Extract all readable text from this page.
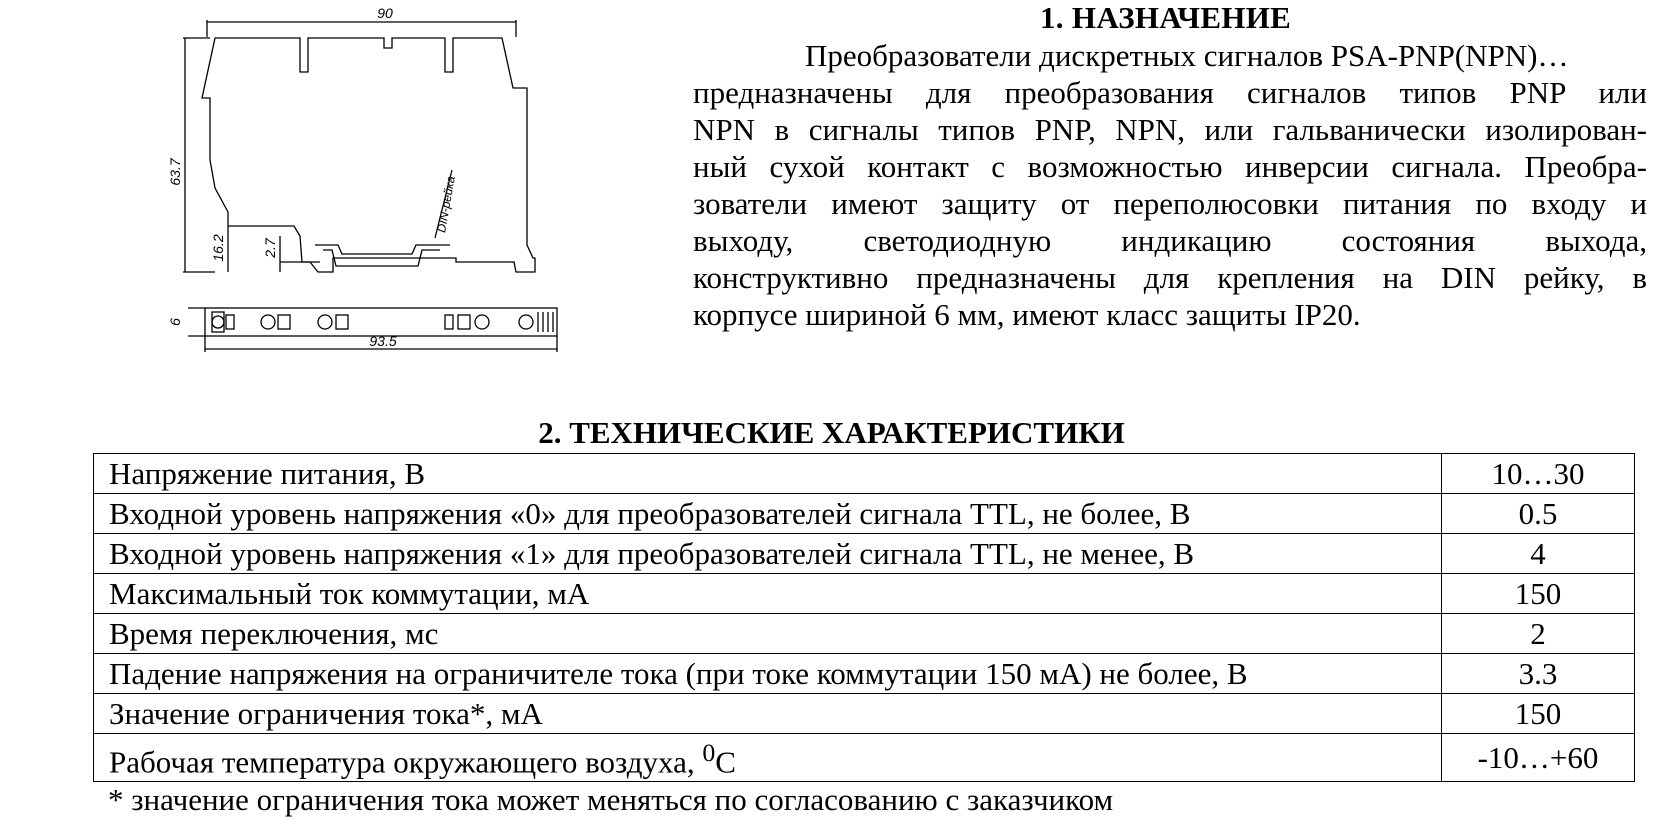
90
63.7
16.2	2.7
DIN-рейка
6
93.5
1. НАЗНАЧЕНИЕ
Преобразователи дискретных сигналов PSA-PNP(NPN)…
предназначены для преобразования сигналов типов PNP или
NPN в сигналы типов PNP, NPN, или гальванически изолирован-
ный сухой контакт с возможностью инверсии сигнала. Преобра-
зователи имеют защиту от переполюсовки питания по входу и
выходу, светодиодную индикацию состояния выхода,
конструктивно предназначены для крепления на DIN рейку, в
корпусе шириной 6 мм, имеют класс защиты IP20.
2. ТЕХНИЧЕСКИЕ ХАРАКТЕРИСТИКИ
Напряжение питания, В	10…30
Входной уровень напряжения «0» для преобразователей сигнала TTL, не более, В	0.5
Входной уровень напряжения «1» для преобразователей сигнала TTL, не менее, В	4
Максимальный ток коммутации, мА	150
Время переключения, мс	2
Падение напряжения на ограничителе тока (при токе коммутации 150 мА) не более, В	3.3
Значение ограничения тока*, мА	150
Рабочая температура окружающего воздуха, $^0$С	-10…+60
* значение ограничения тока может меняться по согласованию с заказчиком
